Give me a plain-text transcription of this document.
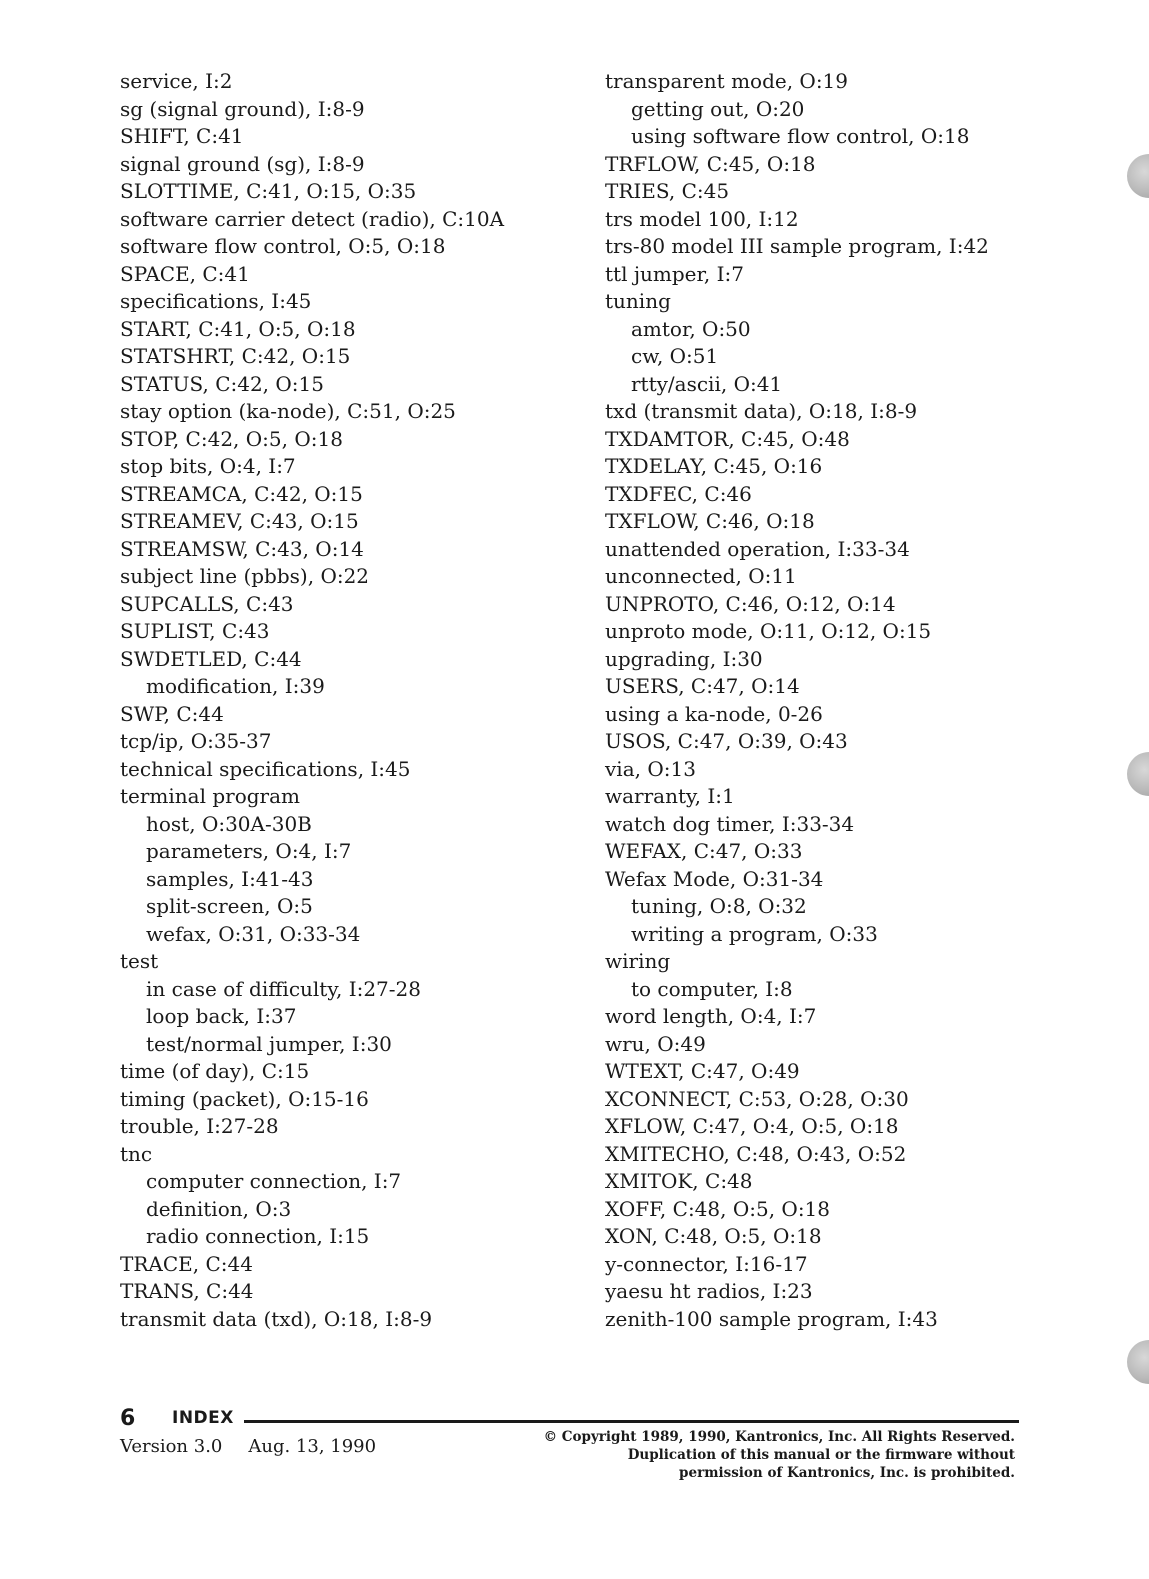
service, I:2
sg (signal ground), I:8-9
SHIFT, C:41
signal ground (sg), I:8-9
SLOTTIME, C:41, O:15, O:35
software carrier detect (radio), C:10A
software flow control, O:5, O:18
SPACE, C:41
specifications, I:45
START, C:41, O:5, O:18
STATSHRT, C:42, O:15
STATUS, C:42, O:15
stay option (ka-node), C:51, O:25
STOP, C:42, O:5, O:18
stop bits, O:4, I:7
STREAMCA, C:42, O:15
STREAMEV, C:43, O:15
STREAMSW, C:43, O:14
subject line (pbbs), O:22
SUPCALLS, C:43
SUPLIST, C:43
SWDETLED, C:44
modification, I:39
SWP, C:44
tcp/ip, O:35-37
technical specifications, I:45
terminal program
host, O:30A-30B
parameters, O:4, I:7
samples, I:41-43
split-screen, O:5
wefax, O:31, O:33-34
test
in case of difficulty, I:27-28
loop back, I:37
test/normal jumper, I:30
time (of day), C:15
timing (packet), O:15-16
trouble, I:27-28
tnc
computer connection, I:7
definition, O:3
radio connection, I:15
TRACE, C:44
TRANS, C:44
transmit data (txd), O:18, I:8-9
transparent mode, O:19
getting out, O:20
using software flow control, O:18
TRFLOW, C:45, O:18
TRIES, C:45
trs model 100, I:12
trs-80 model III sample program, I:42
ttl jumper, I:7
tuning
amtor, O:50
cw, O:51
rtty/ascii, O:41
txd (transmit data), O:18, I:8-9
TXDAMTOR, C:45, O:48
TXDELAY, C:45, O:16
TXDFEC, C:46
TXFLOW, C:46, O:18
unattended operation, I:33-34
unconnected, O:11
UNPROTO, C:46, O:12, O:14
unproto mode, O:11, O:12, O:15
upgrading, I:30
USERS, C:47, O:14
using a ka-node, 0-26
USOS, C:47, O:39, O:43
via, O:13
warranty, I:1
watch dog timer, I:33-34
WEFAX, C:47, O:33
Wefax Mode, O:31-34
tuning, O:8, O:32
writing a program, O:33
wiring
to computer, I:8
word length, O:4, I:7
wru, O:49
WTEXT, C:47, O:49
XCONNECT, C:53, O:28, O:30
XFLOW, C:47, O:4, O:5, O:18
XMITECHO, C:48, O:43, O:52
XMITOK, C:48
XOFF, C:48, O:5, O:18
XON, C:48, O:5, O:18
y-connector, I:16-17
yaesu ht radios, I:23
zenith-100 sample program, I:43
6 INDEX
Version 3.0 Aug. 13, 1990	© Copyright 1989, 1990, Kantronics, Inc. All Rights Reserved.
Duplication of this manual or the firmware without
permission of Kantronics, Inc. is prohibited.
